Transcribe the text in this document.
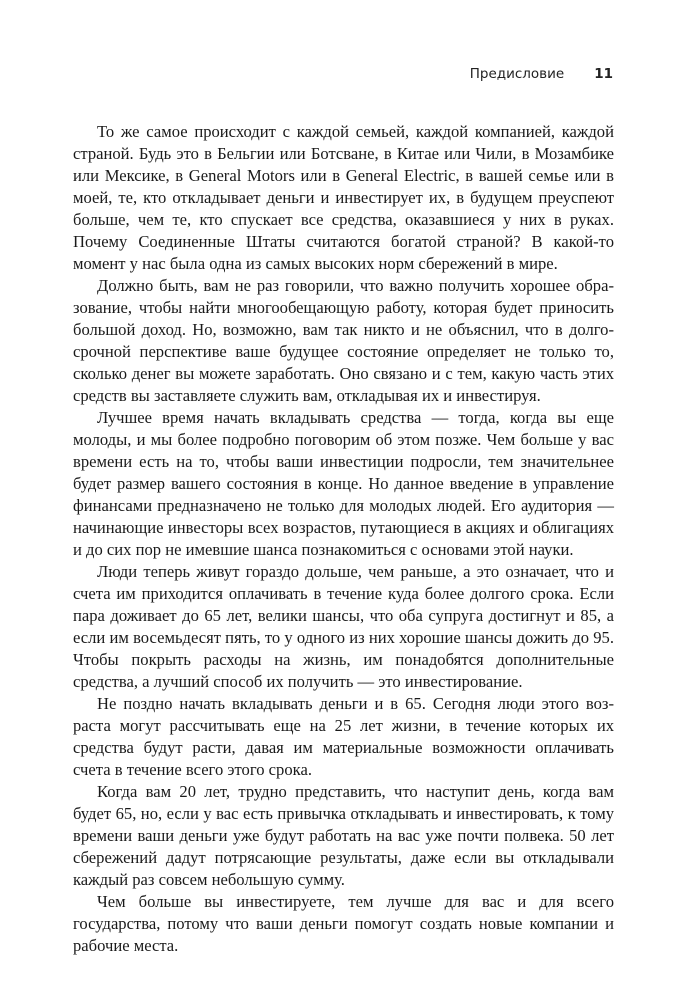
Предисловие 11

То же самое происходит с каждой семьей, каждой компанией, каждой страной. Будь это в Бельгии или Ботсване, в Китае или Чили, в Мозамбике или Мексике, в General Motors или в General Electric, в вашей семье или в моей, те, кто откладывает деньги и инвестирует их, в будущем преуспеют больше, чем те, кто спускает все средства, оказавшиеся у них в руках. Почему Соединенные Штаты считаются богатой страной? В какой-то момент у нас была одна из самых высоких норм сбережений в мире.

Должно быть, вам не раз говорили, что важно получить хорошее образование, чтобы найти многообещающую работу, которая будет приносить большой доход. Но, возможно, вам так никто и не объяснил, что в долгосрочной перспективе ваше будущее состояние определяет не только то, сколько денег вы можете заработать. Оно связано и с тем, какую часть этих средств вы заставляете служить вам, откладывая их и инвестируя.

Лучшее время начать вкладывать средства — тогда, когда вы еще молоды, и мы более подробно поговорим об этом позже. Чем больше у вас времени есть на то, чтобы ваши инвестиции подросли, тем значительнее будет размер вашего состояния в конце. Но данное введение в управление финансами предназначено не только для молодых людей. Его аудитория — начинающие инвесторы всех возрастов, путающиеся в акциях и облигациях и до сих пор не имевшие шанса познакомиться с основами этой науки.

Люди теперь живут гораздо дольше, чем раньше, а это означает, что и счета им приходится оплачивать в течение куда более долгого срока. Если пара доживает до 65 лет, велики шансы, что оба супруга достигнут и 85, а если им восемьдесят пять, то у одного из них хорошие шансы дожить до 95. Чтобы покрыть расходы на жизнь, им понадобятся дополнительные средства, а лучший способ их получить — это инвестирование.

Не поздно начать вкладывать деньги и в 65. Сегодня люди этого возраста могут рассчитывать еще на 25 лет жизни, в течение которых их средства будут расти, давая им материальные возможности оплачивать счета в течение всего этого срока.

Когда вам 20 лет, трудно представить, что наступит день, когда вам будет 65, но, если у вас есть привычка откладывать и инвестировать, к тому времени ваши деньги уже будут работать на вас уже почти полвека. 50 лет сбережений дадут потрясающие результаты, даже если вы откладывали каждый раз совсем небольшую сумму.

Чем больше вы инвестируете, тем лучше для вас и для всего государства, потому что ваши деньги помогут создать новые компании и рабочие места.
